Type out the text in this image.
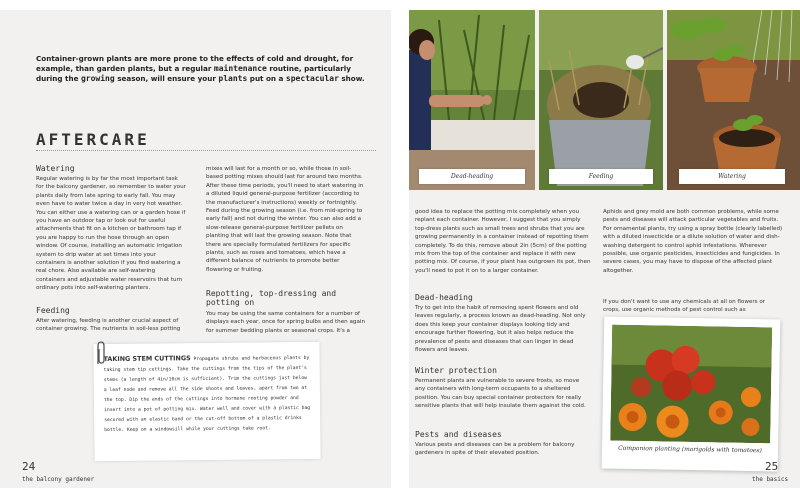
Container-grown plants are more prone to the effects of cold and drought, for example, than garden plants, but a regular maintenance routine, particularly during the growing season, will ensure your plants put on a spectacular show.

AFTERCARE
Watering

Regular watering is by far the most important task for the balcony gardener, so remember to water your plants daily from late spring to early fall. You may even have to water twice a day in very hot weather. You can either use a watering can or a garden hose if you have an outdoor tap or look out for useful attachments that fit on a kitchen or bathroom tap if you are happy to run the hose through an open window. Of course, installing an automatic irrigation system to drip water at set times into your containers is another solution if you find watering a real chore. Also available are self-watering containers and adjustable water reservoirs that turn ordinary pots into self-watering planters.

Feeding

After watering, feeding is another crucial aspect of container growing. The nutrients in soil-less potting

mixes will last for a month or so, while those in soil-based potting mixes should last for around two months. After these time periods, you'll need to start watering in a diluted liquid general-purpose fertilizer (according to the manufacturer's instructions) weekly or fortnightly. Feed during the growing season (i.e. from mid-spring to early fall) and not during the winter. You can also add a slow-release general-purpose fertilizer pellets on planting that will last the growing season. Note that there are specially formulated fertilizers for specific plants, such as roses and tomatoes, which have a different balance of nutrients to promote better flowering or fruiting.

Repotting, top-dressing and potting on

You may be using the same containers for a number of displays each year, once for spring bulbs and then again for summer bedding plants or seasonal crops. It's a

TAKING STEM CUTTINGS Propagate shrubs and herbaceous plants by taking stem tip cuttings. Take the cuttings from the tips of the plant's stems (a length of 4in/10cm is sufficient). Trim the cuttings just below a leaf node and remove all the side shoots and leaves, apart from two at the top. Dip the ends of the cuttings into hormone rooting powder and insert into a pot of potting mix. Water well and cover with a plastic bag secured with an elastic band or the cut-off bottom of a plastic drinks bottle. Keep on a windowsill while your cuttings take root.

24
the balcony gardener
Dead-heading	Feeding	Watering

good idea to replace the potting mix completely when you replant each container. However, I suggest that you simply top-dress plants such as small trees and shrubs that you are growing permanently in a container instead of repotting them completely. To do this, remove about 2in (5cm) of the potting mix from the top of the container and replace it with new potting mix. Of course, if your plant has outgrown its pot, then you'll need to pot it on to a larger container.

Dead-heading

Try to get into the habit of removing spent flowers and old leaves regularly, a process known as dead-heading. Not only does this keep your container displays looking tidy and encourage further flowering, but it also helps reduce the prevalence of pests and diseases that can linger in dead flowers and leaves.

Winter protection

Permanent plants are vulnerable to severe frosts, so move any containers with long-term occupants to a sheltered position. You can buy special container protectors for really sensitive plants that will help insulate them against the cold.

Pests and diseases

Various pests and diseases can be a problem for balcony gardeners in spite of their elevated position.

Aphids and grey mold are both common problems, while some pests and diseases will attack particular vegetables and fruits. For ornamental plants, try using a spray bottle (clearly labelled) with a diluted insecticide or a dilute solution of water and dish-washing detergent to control aphid infestations. Wherever possible, use organic pesticides, insecticides and fungicides. In severe cases, you may have to dispose of the affected plant altogether.

If you don't want to use any chemicals at all on flowers or crops, use organic methods of pest control such as

Companion planting (marigolds with tomatoes)
25
the basics
